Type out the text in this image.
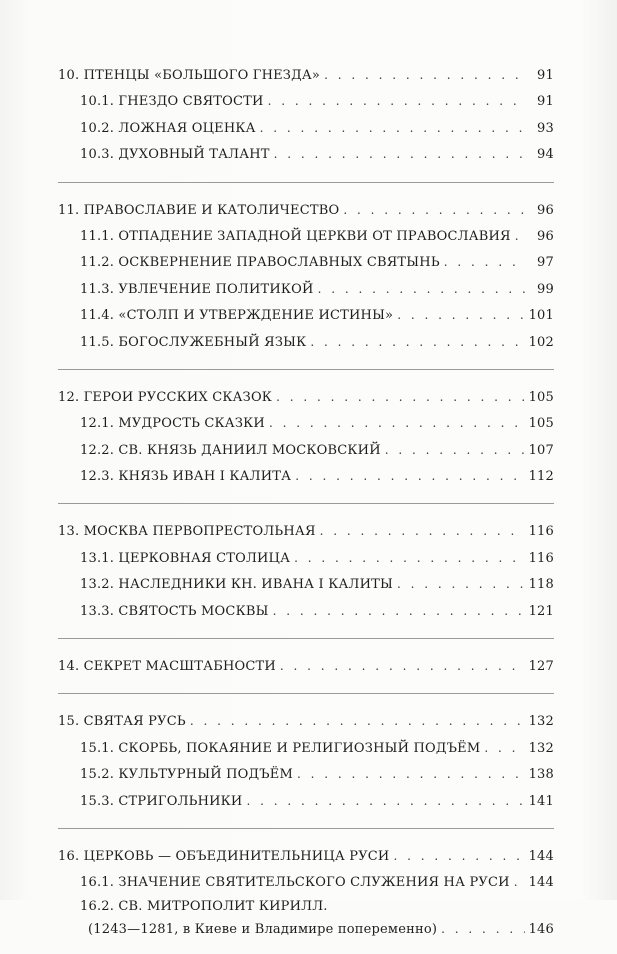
10. ПТЕНЦЫ «БОЛЬШОГО ГНЕЗДА» . . .	91
10.1. ГНЕЗДО СВЯТОСТИ . . .	91
10.2. ЛОЖНАЯ ОЦЕНКА . . .	93
10.3. ДУХОВНЫЙ ТАЛАНТ . . .	94
11. ПРАВОСЛАВИЕ И КАТОЛИЧЕСТВО . . .	96
11.1. ОТПАДЕНИЕ ЗАПАДНОЙ ЦЕРКВИ ОТ ПРАВОСЛАВИЯ . . .	96
11.2. ОСКВЕРНЕНИЕ ПРАВОСЛАВНЫХ СВЯТЫНЬ . . .	97
11.3. УВЛЕЧЕНИЕ ПОЛИТИКОЙ . . .	99
11.4. «СТОЛП И УТВЕРЖДЕНИЕ ИСТИНЫ» . . .	101
11.5. БОГОСЛУЖЕБНЫЙ ЯЗЫК . . .	102
12. ГЕРОИ РУССКИХ СКАЗОК . . .	105
12.1. МУДРОСТЬ СКАЗКИ . . .	105
12.2. СВ. КНЯЗЬ ДАНИИЛ МОСКОВСКИЙ . . .	107
12.3. КНЯЗЬ ИВАН I КАЛИТА . . .	112
13. МОСКВА ПЕРВОПРЕСТОЛЬНАЯ . . .	116
13.1. ЦЕРКОВНАЯ СТОЛИЦА . . .	116
13.2. НАСЛЕДНИКИ КН. ИВАНА I КАЛИТЫ . . .	118
13.3. СВЯТОСТЬ МОСКВЫ . . .	121
14. СЕКРЕТ МАСШТАБНОСТИ . . .	127
15. СВЯТАЯ РУСЬ . . .	132
15.1. СКОРБЬ, ПОКАЯНИЕ И РЕЛИГИОЗНЫЙ ПОДЪЁМ . . .	132
15.2. КУЛЬТУРНЫЙ ПОДЪЁМ . . .	138
15.3. СТРИГОЛЬНИКИ . . .	141
16. ЦЕРКОВЬ — ОБЪЕДИНИТЕЛЬНИЦА РУСИ . . .	144
16.1. ЗНАЧЕНИЕ СВЯТИТЕЛЬСКОГО СЛУЖЕНИЯ НА РУСИ . . . 144
16.2. СВ. МИТРОПОЛИТ КИРИЛЛ.
(1243—1281, в Киеве и Владимире попеременно) . . .	146
